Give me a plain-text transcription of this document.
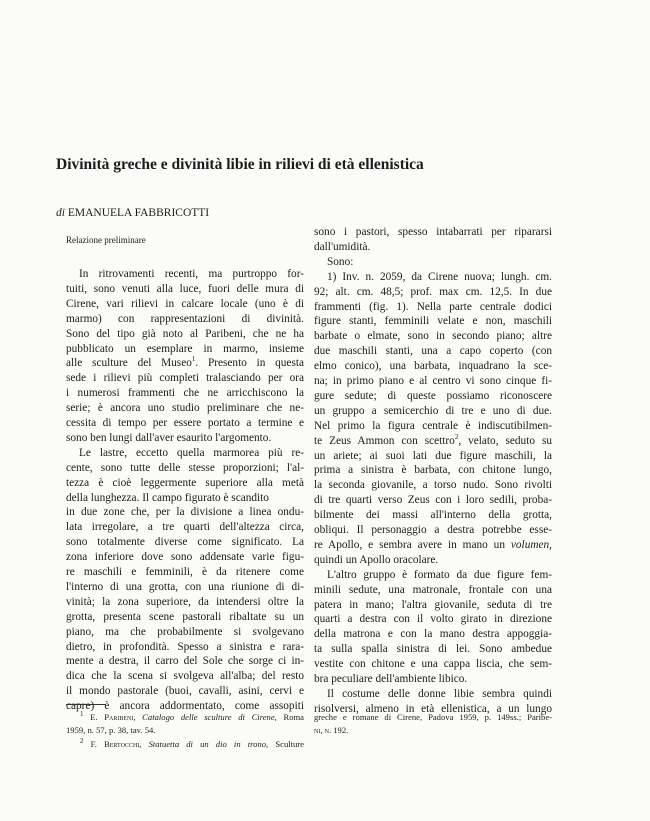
Divinità greche e divinità libie in rilievi di età ellenistica
di EMANUELA FABBRICOTTI
Relazione preliminare
In ritrovamenti recenti, ma purtroppo for-
tuiti, sono venuti alla luce, fuori delle mura di
Cirene, vari rilievi in calcare locale (uno è di
marmo) con rappresentazioni di divinità.
Sono del tipo già noto al Paribeni, che ne ha
pubblicato un esemplare in marmo, insieme
alle sculture del Museo$^1$. Presento in questa
sede i rilievi più completi tralasciando per ora
i numerosi frammenti che ne arricchiscono la
serie; è ancora uno studio preliminare che ne-
cessita di tempo per essere portato a termine e
sono ben lungi dall'aver esaurito l'argomento.
Le lastre, eccetto quella marmorea più re-
cente, sono tutte delle stesse proporzioni; l'al-
tezza è cioè leggermente superiore alla metà
della lunghezza. Il campo figurato è scandito
in due zone che, per la divisione a linea ondu-
lata irregolare, a tre quarti dell'altezza circa,
sono totalmente diverse come significato. La
zona inferiore dove sono addensate varie figu-
re maschili e femminili, è da ritenere come
l'interno di una grotta, con una riunione di di-
vinità; la zona superiore, da intendersi oltre la
grotta, presenta scene pastorali ribaltate su un
piano, ma che probabilmente si svolgevano
dietro, in profondità. Spesso a sinistra e rara-
mente a destra, il carro del Sole che sorge ci in-
dica che la scena si svolgeva all'alba; del resto
il mondo pastorale (buoi, cavalli, asini, cervi e
capre) è ancora addormentato, come assopiti
sono i pastori, spesso intabarrati per ripararsi
dall'umidità.
Sono:
1) Inv. n. 2059, da Cirene nuova; lungh. cm.
92; alt. cm. 48,5; prof. max cm. 12,5. In due
frammenti (fig. 1). Nella parte centrale dodici
figure stanti, femminili velate e non, maschili
barbate o elmate, sono in secondo piano; altre
due maschili stanti, una a capo coperto (con
elmo conico), una barbata, inquadrano la sce-
na; in primo piano e al centro vi sono cinque fi-
gure sedute; di queste possiamo riconoscere
un gruppo a semicerchio di tre e uno di due.
Nel primo la figura centrale è indiscutibilmen-
te Zeus Ammon con scettro$^2$, velato, seduto su
un ariete; ai suoi lati due figure maschili, la
prima a sinistra è barbata, con chitone lungo,
la seconda giovanile, a torso nudo. Sono rivolti
di tre quarti verso Zeus con i loro sedili, proba-
bilmente dei massi all'interno della grotta,
obliqui. Il personaggio a destra potrebbe esse-
re Apollo, e sembra avere in mano un volumen,
quindi un Apollo oracolare.
L'altro gruppo è formato da due figure fem-
minili sedute, una matronale, frontale con una
patera in mano; l'altra giovanile, seduta di tre
quarti a destra con il volto girato in direzione
della matrona e con la mano destra appoggia-
ta sulla spalla sinistra di lei. Sono ambedue
vestite con chitone e una cappa liscia, che sem-
bra peculiare dell'ambiente libico.
Il costume delle donne libie sembra quindi
risolversi, almeno in età ellenistica, a un lungo
$^1$ E. Paribeni, Catalogo delle sculture di Cirene, Roma
1959, n. 57, p. 38, tav. 54.
$^2$ F. Bertocchi, Statuetta di un dio in trono, Sculture
greche e romane di Cirene, Padova 1959, p. 149ss.; Paribe-
ni, n. 192.
